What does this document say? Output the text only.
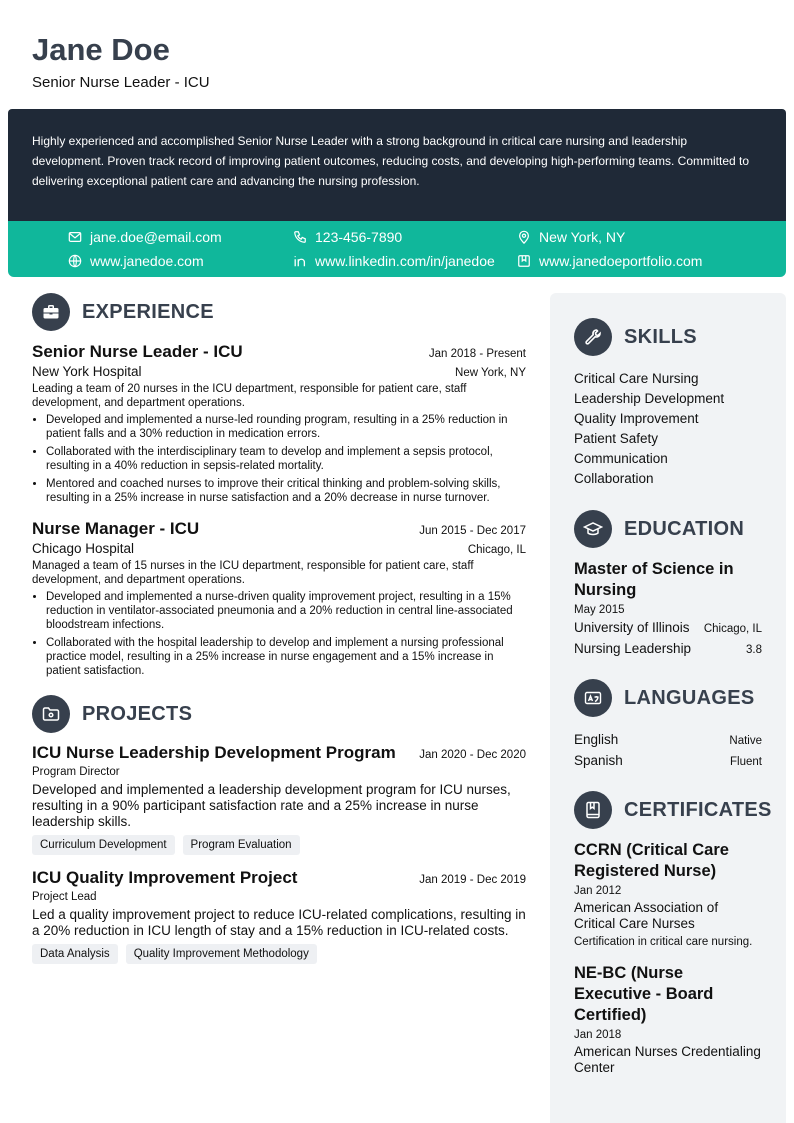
Jane Doe
Senior Nurse Leader - ICU
Highly experienced and accomplished Senior Nurse Leader with a strong background in critical care nursing and leadership development. Proven track record of improving patient outcomes, reducing costs, and developing high-performing teams. Committed to delivering exceptional patient care and advancing the nursing profession.
jane.doe@email.com	123-456-7890	New York, NY
www.janedoe.com	www.linkedin.com/in/janedoe	www.janedoeportfolio.com
EXPERIENCE
Senior Nurse Leader - ICU	Jan 2018 - Present
New York Hospital	New York, NY
Leading a team of 20 nurses in the ICU department, responsible for patient care, staff development, and department operations.
• Developed and implemented a nurse-led rounding program, resulting in a 25% reduction in patient falls and a 30% reduction in medication errors.
• Collaborated with the interdisciplinary team to develop and implement a sepsis protocol, resulting in a 40% reduction in sepsis-related mortality.
• Mentored and coached nurses to improve their critical thinking and problem-solving skills, resulting in a 25% increase in nurse satisfaction and a 20% decrease in nurse turnover.
Nurse Manager - ICU	Jun 2015 - Dec 2017
Chicago Hospital	Chicago, IL
Managed a team of 15 nurses in the ICU department, responsible for patient care, staff development, and department operations.
• Developed and implemented a nurse-driven quality improvement project, resulting in a 15% reduction in ventilator-associated pneumonia and a 20% reduction in central line-associated bloodstream infections.
• Collaborated with the hospital leadership to develop and implement a nursing professional practice model, resulting in a 25% increase in nurse engagement and a 15% increase in patient satisfaction.
PROJECTS
ICU Nurse Leadership Development Program Jan 2020 - Dec 2020
Program Director
Developed and implemented a leadership development program for ICU nurses, resulting in a 90% participant satisfaction rate and a 25% increase in nurse leadership skills.
Curriculum Development	Program Evaluation
ICU Quality Improvement Project	Jan 2019 - Dec 2019
Project Lead
Led a quality improvement project to reduce ICU-related complications, resulting in a 20% reduction in ICU length of stay and a 15% reduction in ICU-related costs.
Data Analysis	Quality Improvement Methodology
SKILLS
Critical Care Nursing
Leadership Development
Quality Improvement
Patient Safety
Communication
Collaboration
EDUCATION
Master of Science in Nursing
May 2015
University of Illinois Chicago, IL
Nursing Leadership	3.8
LANGUAGES
English	Native
Spanish	Fluent
CERTIFICATES
CCRN (Critical Care Registered Nurse)
Jan 2012
American Association of Critical Care Nurses
Certification in critical care nursing.
NE-BC (Nurse Executive - Board Certified)
Jan 2018
American Nurses Credentialing Center
